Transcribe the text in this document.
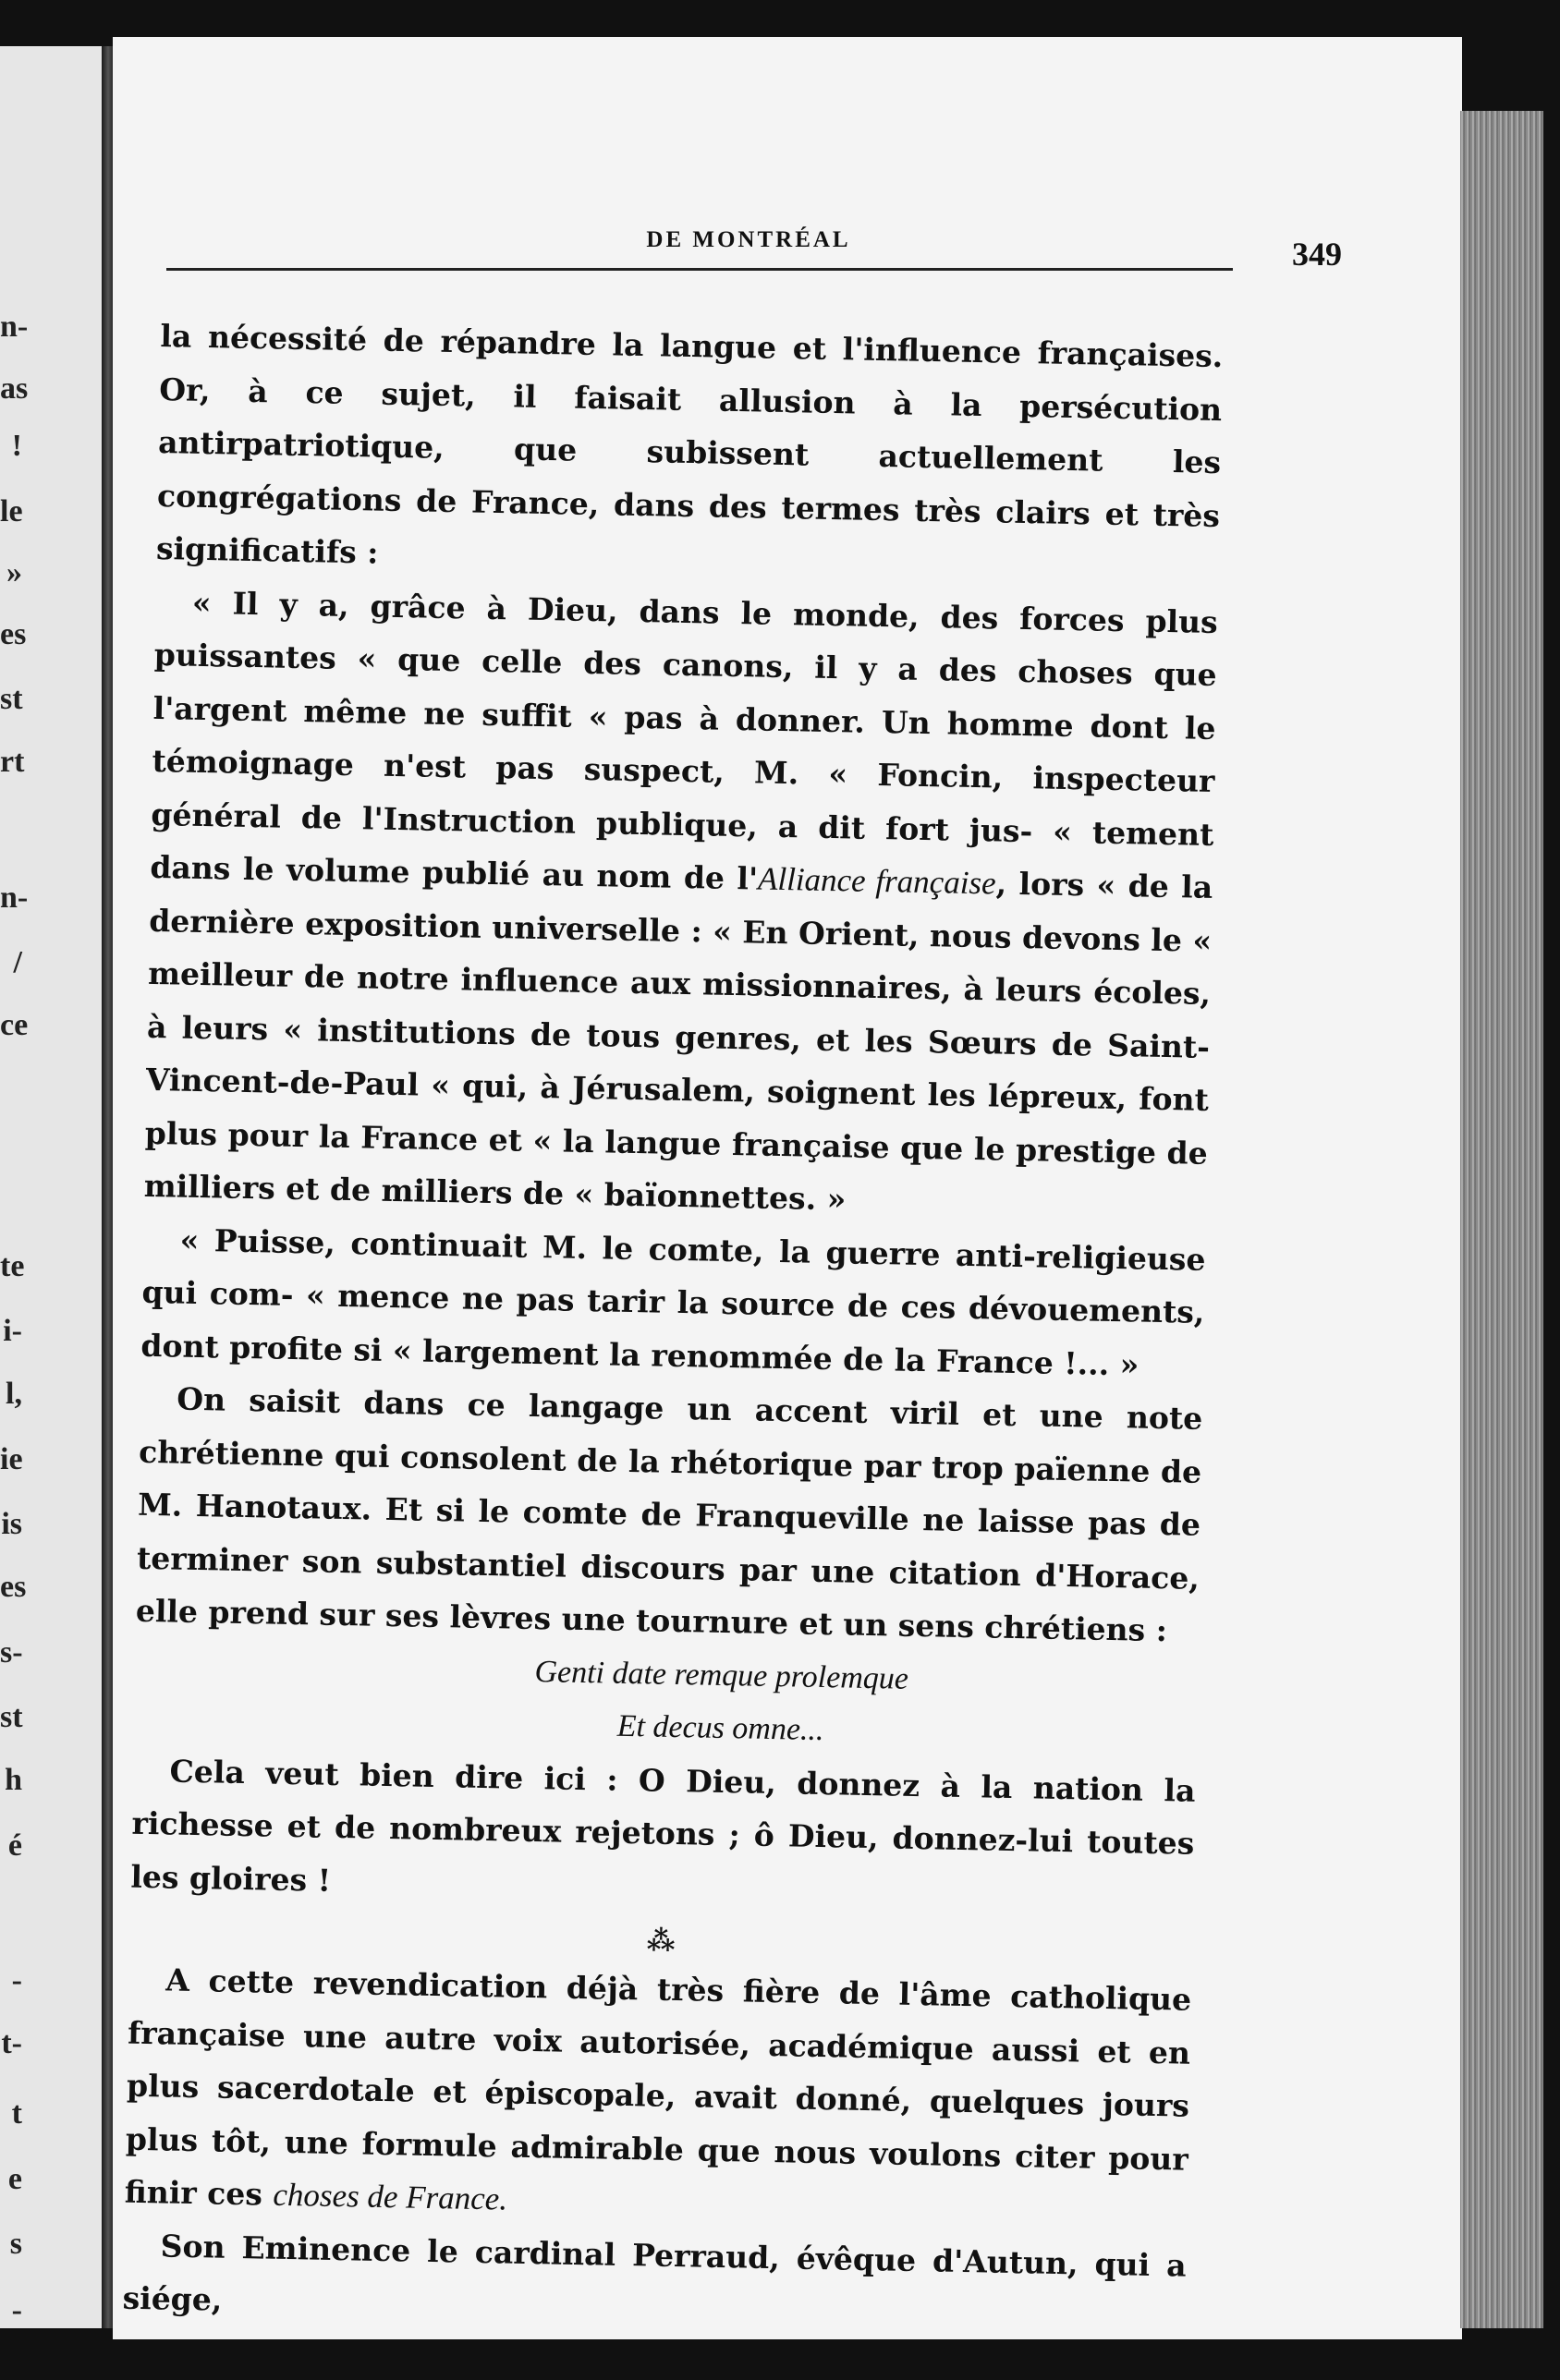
n-
as
!
le
»
es
st
rt
n-
/
ce
te
i-
l,
ie
is
es
s-
st
h
é
-
t-
t
e
s
-
DE MONTRÉAL	349

la nécessité de répandre la langue et l'influence françaises. Or, à ce sujet, il faisait allusion à la persécution antirpatriotique, que subissent actuellement les congrégations de France, dans des termes très clairs et très significatifs :

« Il y a, grâce à Dieu, dans le monde, des forces plus puissantes « que celle des canons, il y a des choses que l'argent même ne suffit « pas à donner. Un homme dont le témoignage n'est pas suspect, M. « Foncin, inspecteur général de l'Instruction publique, a dit fort jus- « tement dans le volume publié au nom de l'Alliance française, lors « de la dernière exposition universelle : « En Orient, nous devons le « meilleur de notre influence aux missionnaires, à leurs écoles, à leurs « institutions de tous genres, et les Sœurs de Saint-Vincent-de-Paul « qui, à Jérusalem, soignent les lépreux, font plus pour la France et « la langue française que le prestige de milliers et de milliers de « baïonnettes. »

« Puisse, continuait M. le comte, la guerre anti-religieuse qui com- « mence ne pas tarir la source de ces dévouements, dont profite si « largement la renommée de la France !... »

On saisit dans ce langage un accent viril et une note chrétienne qui consolent de la rhétorique par trop païenne de M. Hanotaux. Et si le comte de Franqueville ne laisse pas de terminer son substantiel discours par une citation d'Horace, elle prend sur ses lèvres une tournure et un sens chrétiens :

Genti date remque prolemque

Et decus omne...

Cela veut bien dire ici : O Dieu, donnez à la nation la richesse et de nombreux rejetons ; ô Dieu, donnez-lui toutes les gloires !

⁂

A cette revendication déjà très fière de l'âme catholique française une autre voix autorisée, académique aussi et en plus sacerdotale et épiscopale, avait donné, quelques jours plus tôt, une formule admirable que nous voulons citer pour finir ces choses de France.

Son Eminence le cardinal Perraud, évêque d'Autun, qui a siége,
